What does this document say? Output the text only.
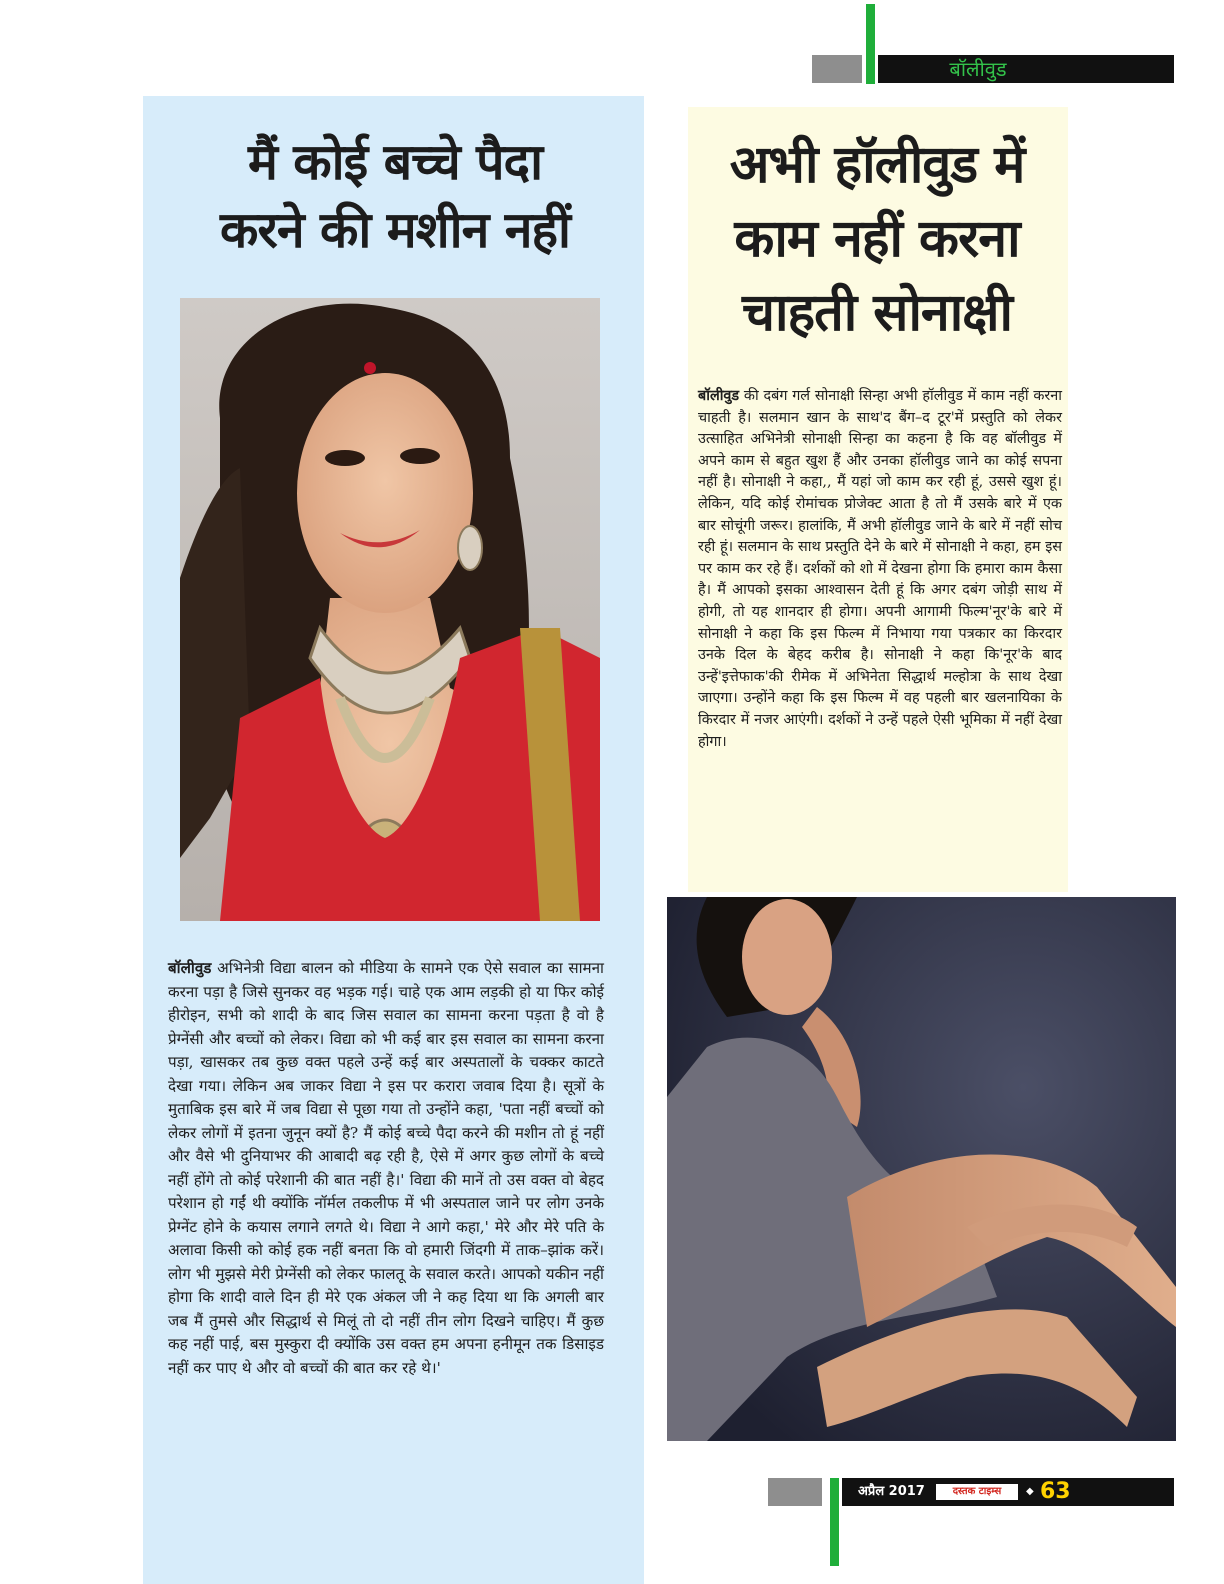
बॉलीवुड
मैं कोई बच्चे पैदा
करने की मशीन नहीं

बॉलीवुड अभिनेत्री विद्या बालन को मीडिया के सामने एक ऐसे सवाल का सामना करना पड़ा है जिसे सुनकर वह भड़क गई। चाहे एक आम लड़की हो या फिर कोई हीरोइन, सभी को शादी के बाद जिस सवाल का सामना करना पड़ता है वो है प्रेग्नेंसी और बच्चों को लेकर। विद्या को भी कई बार इस सवाल का सामना करना पड़ा, खासकर तब कुछ वक्त पहले उन्हें कई बार अस्पतालों के चक्कर काटते देखा गया। लेकिन अब जाकर विद्या ने इस पर करारा जवाब दिया है। सूत्रों के मुताबिक इस बारे में जब विद्या से पूछा गया तो उन्होंने कहा, 'पता नहीं बच्चों को लेकर लोगों में इतना जुनून क्यों है? मैं कोई बच्चे पैदा करने की मशीन तो हूं नहीं और वैसे भी दुनियाभर की आबादी बढ़ रही है, ऐसे में अगर कुछ लोगों के बच्चे नहीं होंगे तो कोई परेशानी की बात नहीं है।' विद्या की मानें तो उस वक्त वो बेहद परेशान हो गईं थी क्योंकि नॉर्मल तकलीफ में भी अस्पताल जाने पर लोग उनके प्रेग्नेंट होने के कयास लगाने लगते थे। विद्या ने आगे कहा,' मेरे और मेरे पति के अलावा किसी को कोई हक नहीं बनता कि वो हमारी जिंदगी में ताक–झांक करें। लोग भी मुझसे मेरी प्रेग्नेंसी को लेकर फालतू के सवाल करते। आपको यकीन नहीं होगा कि शादी वाले दिन ही मेरे एक अंकल जी ने कह दिया था कि अगली बार जब मैं तुमसे और सिद्धार्थ से मिलूं तो दो नहीं तीन लोग दिखने चाहिए। मैं कुछ कह नहीं पाई, बस मुस्कुरा दी क्योंकि उस वक्त हम अपना हनीमून तक डिसाइड नहीं कर पाए थे और वो बच्चों की बात कर रहे थे।'

अभी हॉलीवुड में
काम नहीं करना
चाहती सोनाक्षी

बॉलीवुड की दबंग गर्ल सोनाक्षी सिन्हा अभी हॉलीवुड में काम नहीं करना चाहती है। सलमान खान के साथ'द बैंग–द टूर'में प्रस्तुति को लेकर उत्साहित अभिनेत्री सोनाक्षी सिन्हा का कहना है कि वह बॉलीवुड में अपने काम से बहुत खुश हैं और उनका हॉलीवुड जाने का कोई सपना नहीं है। सोनाक्षी ने कहा,, मैं यहां जो काम कर रही हूं, उससे खुश हूं। लेकिन, यदि कोई रोमांचक प्रोजेक्ट आता है तो मैं उसके बारे में एक बार सोचूंगी जरूर। हालांकि, मैं अभी हॉलीवुड जाने के बारे में नहीं सोच रही हूं। सलमान के साथ प्रस्तुति देने के बारे में सोनाक्षी ने कहा, हम इस पर काम कर रहे हैं। दर्शकों को शो में देखना होगा कि हमारा काम कैसा है। मैं आपको इसका आश्वासन देती हूं कि अगर दबंग जोड़ी साथ में होगी, तो यह शानदार ही होगा। अपनी आगामी फिल्म'नूर'के बारे में सोनाक्षी ने कहा कि इस फिल्म में निभाया गया पत्रकार का किरदार उनके दिल के बेहद करीब है। सोनाक्षी ने कहा कि'नूर'के बाद उन्हें'इत्तेफाक'की रीमेक में अभिनेता सिद्धार्थ मल्होत्रा के साथ देखा जाएगा। उन्होंने कहा कि इस फिल्म में वह पहली बार खलनायिका के किरदार में नजर आएंगी। दर्शकों ने उन्हें पहले ऐसी भूमिका में नहीं देखा होगा।

अप्रैल 2017	दस्तक टाइम्स	◆ 63
